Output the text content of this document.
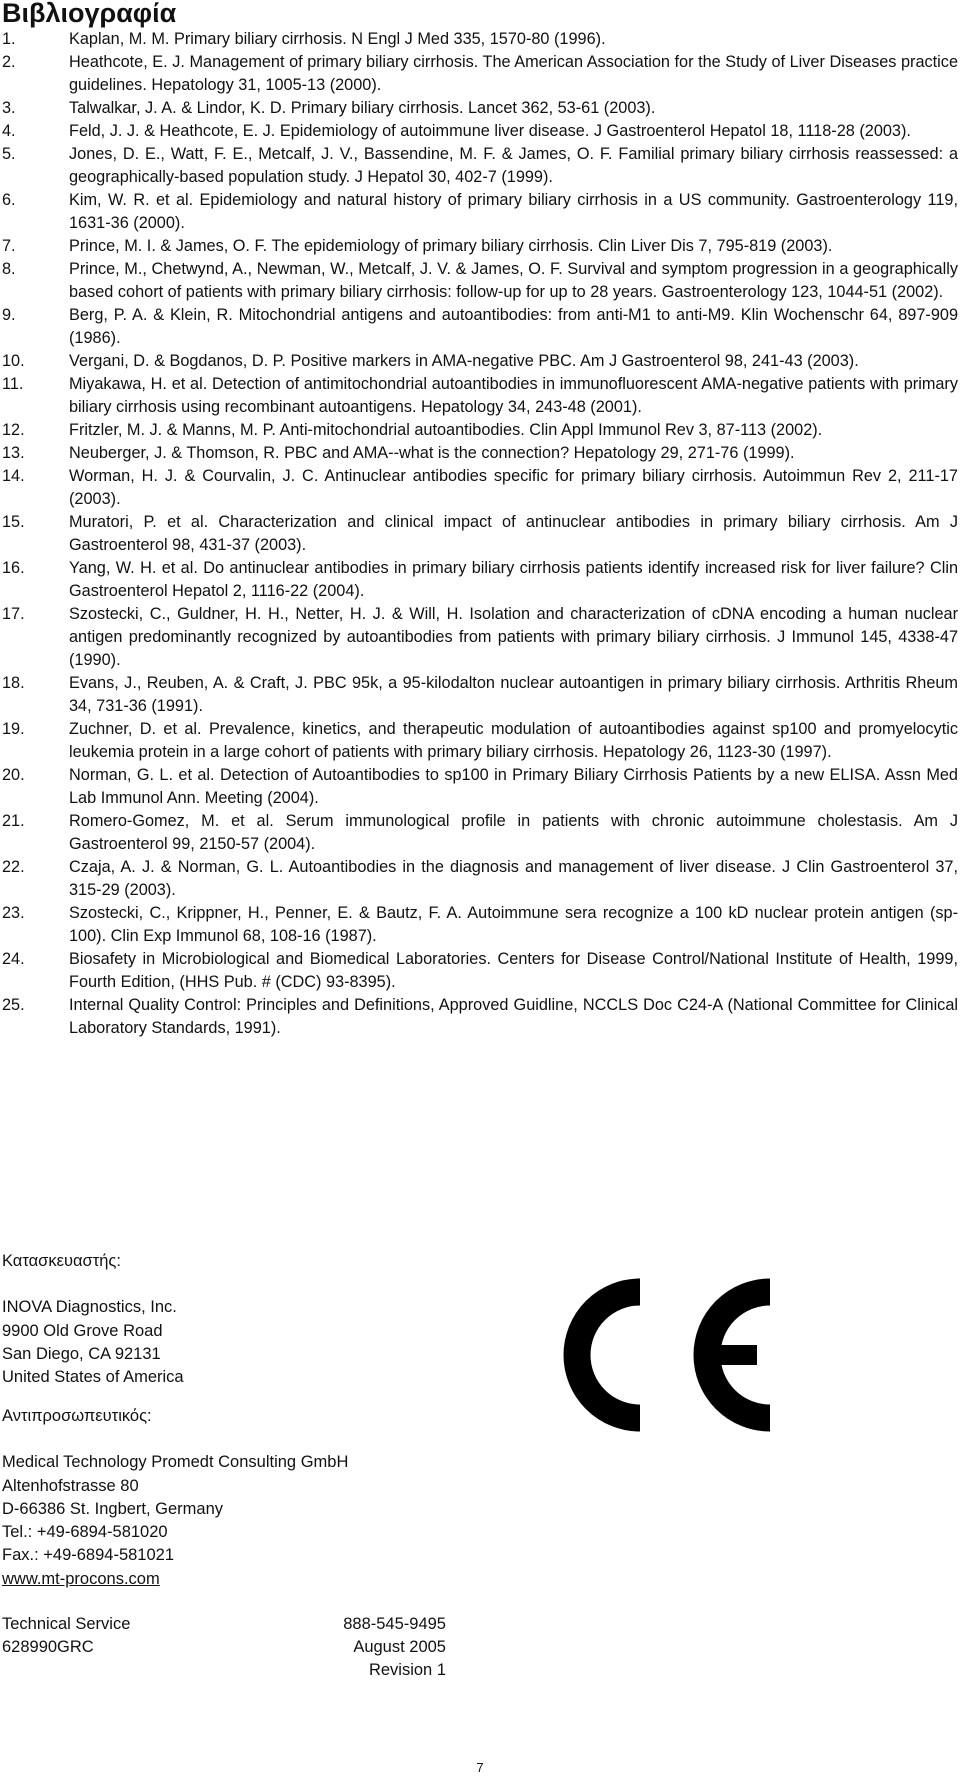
Βιβλιογραφία
1.	Kaplan, M. M. Primary biliary cirrhosis. N Engl J Med 335, 1570-80 (1996).
2.	Heathcote, E. J. Management of primary biliary cirrhosis. The American Association for the Study of Liver Diseases practice guidelines. Hepatology 31, 1005-13 (2000).
3.	Talwalkar, J. A. & Lindor, K. D. Primary biliary cirrhosis. Lancet 362, 53-61 (2003).
4.	Feld, J. J. & Heathcote, E. J. Epidemiology of autoimmune liver disease. J Gastroenterol Hepatol 18, 1118-28 (2003).
5.	Jones, D. E., Watt, F. E., Metcalf, J. V., Bassendine, M. F. & James, O. F. Familial primary biliary cirrhosis reassessed: a geographically-based population study. J Hepatol 30, 402-7 (1999).
6.	Kim, W. R. et al. Epidemiology and natural history of primary biliary cirrhosis in a US community. Gastroenterology 119, 1631-36 (2000).
7.	Prince, M. I. & James, O. F. The epidemiology of primary biliary cirrhosis. Clin Liver Dis 7, 795-819 (2003).
8.	Prince, M., Chetwynd, A., Newman, W., Metcalf, J. V. & James, O. F. Survival and symptom progression in a geographically based cohort of patients with primary biliary cirrhosis: follow-up for up to 28 years. Gastroenterology 123, 1044-51 (2002).
9.	Berg, P. A. & Klein, R. Mitochondrial antigens and autoantibodies: from anti-M1 to anti-M9. Klin Wochenschr 64, 897-909 (1986).
10.	Vergani, D. & Bogdanos, D. P. Positive markers in AMA-negative PBC. Am J Gastroenterol 98, 241-43 (2003).
11.	Miyakawa, H. et al. Detection of antimitochondrial autoantibodies in immunofluorescent AMA-negative patients with primary biliary cirrhosis using recombinant autoantigens. Hepatology 34, 243-48 (2001).
12.	Fritzler, M. J. & Manns, M. P. Anti-mitochondrial autoantibodies. Clin Appl Immunol Rev 3, 87-113 (2002).
13.	Neuberger, J. & Thomson, R. PBC and AMA--what is the connection? Hepatology 29, 271-76 (1999).
14.	Worman, H. J. & Courvalin, J. C. Antinuclear antibodies specific for primary biliary cirrhosis. Autoimmun Rev 2, 211-17 (2003).
15.	Muratori, P. et al. Characterization and clinical impact of antinuclear antibodies in primary biliary cirrhosis. Am J Gastroenterol 98, 431-37 (2003).
16.	Yang, W. H. et al. Do antinuclear antibodies in primary biliary cirrhosis patients identify increased risk for liver failure? Clin Gastroenterol Hepatol 2, 1116-22 (2004).
17.	Szostecki, C., Guldner, H. H., Netter, H. J. & Will, H. Isolation and characterization of cDNA encoding a human nuclear antigen predominantly recognized by autoantibodies from patients with primary biliary cirrhosis. J Immunol 145, 4338-47 (1990).
18.	Evans, J., Reuben, A. & Craft, J. PBC 95k, a 95-kilodalton nuclear autoantigen in primary biliary cirrhosis. Arthritis Rheum 34, 731-36 (1991).
19.	Zuchner, D. et al. Prevalence, kinetics, and therapeutic modulation of autoantibodies against sp100 and promyelocytic leukemia protein in a large cohort of patients with primary biliary cirrhosis. Hepatology 26, 1123-30 (1997).
20.	Norman, G. L. et al. Detection of Autoantibodies to sp100 in Primary Biliary Cirrhosis Patients by a new ELISA. Assn Med Lab Immunol Ann. Meeting (2004).
21.	Romero-Gomez, M. et al. Serum immunological profile in patients with chronic autoimmune cholestasis. Am J Gastroenterol 99, 2150-57 (2004).
22.	Czaja, A. J. & Norman, G. L. Autoantibodies in the diagnosis and management of liver disease. J Clin Gastroenterol 37, 315-29 (2003).
23.	Szostecki, C., Krippner, H., Penner, E. & Bautz, F. A. Autoimmune sera recognize a 100 kD nuclear protein antigen (sp-100). Clin Exp Immunol 68, 108-16 (1987).
24.	Biosafety in Microbiological and Biomedical Laboratories. Centers for Disease Control/National Institute of Health, 1999, Fourth Edition, (HHS Pub. # (CDC) 93-8395).
25.	Internal Quality Control: Principles and Definitions, Approved Guidline, NCCLS Doc C24-A (National Committee for Clinical Laboratory Standards, 1991).
Κατασκευαστής:
INOVA Diagnostics, Inc.
9900 Old Grove Road
San Diego, CA 92131
United States of America
Αντιπροσωπευτικός:
Medical Technology Promedt Consulting GmbH
Altenhofstrasse 80
D-66386 St. Ingbert, Germany
Tel.: +49-6894-581020
Fax.: +49-6894-581021
www.mt-procons.com
Technical Service	888-545-9495
628990GRC	August 2005
Revision 1
7
